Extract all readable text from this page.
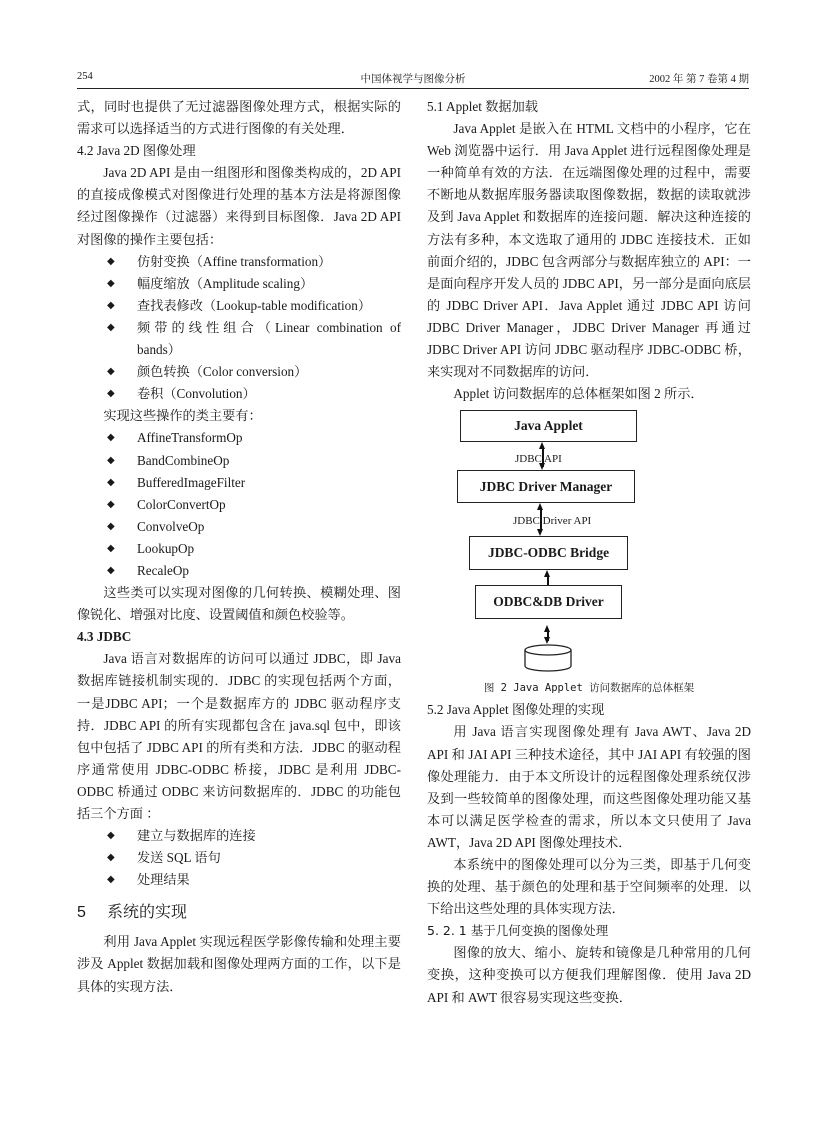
254	中国体视学与图像分析	2002 年 第 7 卷第 4 期
式，同时也提供了无过滤器图像处理方式，根据实际的需求可以选择适当的方式进行图像的有关处理．
4.2 Java 2D 图像处理
Java 2D API 是由一组图形和图像类构成的，2D API的直接成像模式对图像进行处理的基本方法是将源图像经过图像操作（过滤器）来得到目标图像．Java 2D API对图像的操作主要包括：
◆ 仿射变换（Affine transformation）
◆ 幅度缩放（Amplitude scaling）
◆ 查找表修改（Lookup-table modification）
◆ 频带的线性组合（Linear combination of bands）
◆ 颜色转换（Color conversion）
◆ 卷积（Convolution）
实现这些操作的类主要有：
◆ AffineTransformOp
◆ BandCombineOp
◆ BufferedImageFilter
◆ ColorConvertOp
◆ ConvolveOp
◆ LookupOp
◆ RecaleOp
这些类可以实现对图像的几何转换、模糊处理、图像锐化、增强对比度、设置阈值和颜色校验等。
4.3 JDBC
Java 语言对数据库的访问可以通过 JDBC，即 Java 数据库链接机制实现的．JDBC 的实现包括两个方面，一是JDBC API；一个是数据库方的 JDBC 驱动程序支持．JDBC API 的所有实现都包含在 java.sql 包中，即该包中包括了 JDBC API 的所有类和方法．JDBC 的驱动程序通常使用 JDBC-ODBC 桥接，JDBC 是利用 JDBC-ODBC 桥通过 ODBC 来访问数据库的．JDBC 的功能包括三个方面 ：
◆ 建立与数据库的连接
◆ 发送 SQL 语句
◆ 处理结果
5 系统的实现
利用 Java Applet 实现远程医学影像传输和处理主要涉及 Applet 数据加载和图像处理两方面的工作，以下是具体的实现方法．
5.1 Applet 数据加载
Java Applet 是嵌入在 HTML 文档中的小程序，它在 Web 浏览器中运行．用 Java Applet 进行远程图像处理是一种简单有效的方法．在远端图像处理的过程中，需要不断地从数据库服务器读取图像数据，数据的读取就涉及到 Java Applet 和数据库的连接问题．解决这种连接的方法有多种，本文选取了通用的 JDBC 连接技术．正如前面介绍的，JDBC 包含两部分与数据库独立的 API：一是面向程序开发人员的 JDBC API，另一部分是面向底层的 JDBC Driver API．Java Applet 通过 JDBC API 访问 JDBC Driver Manager，JDBC Driver Manager 再通过 JDBC Driver API 访问 JDBC 驱动程序 JDBC-ODBC 桥，来实现对不同数据库的访问．
Applet 访问数据库的总体框架如图 2 所示．
Java Applet
JDBC API
JDBC Driver Manager
JDBC Driver API
JDBC-ODBC Bridge
ODBC&DB Driver
图 2 Java Applet 访问数据库的总体框架
5.2 Java Applet 图像处理的实现
用 Java 语言实现图像处理有 Java AWT、Java 2D API 和 JAI API 三种技术途径，其中 JAI API 有较强的图像处理能力．由于本文所设计的远程图像处理系统仅涉及到一些较简单的图像处理，而这些图像处理功能又基本可以满足医学检查的需求，所以本文只使用了 Java AWT，Java 2D API 图像处理技术．
本系统中的图像处理可以分为三类，即基于几何变换的处理、基于颜色的处理和基于空间频率的处理．以下给出这些处理的具体实现方法．
5. 2. 1 基于几何变换的图像处理
图像的放大、缩小、旋转和镜像是几种常用的几何变换，这种变换可以方便我们理解图像．使用 Java 2D API 和 AWT 很容易实现这些变换．
